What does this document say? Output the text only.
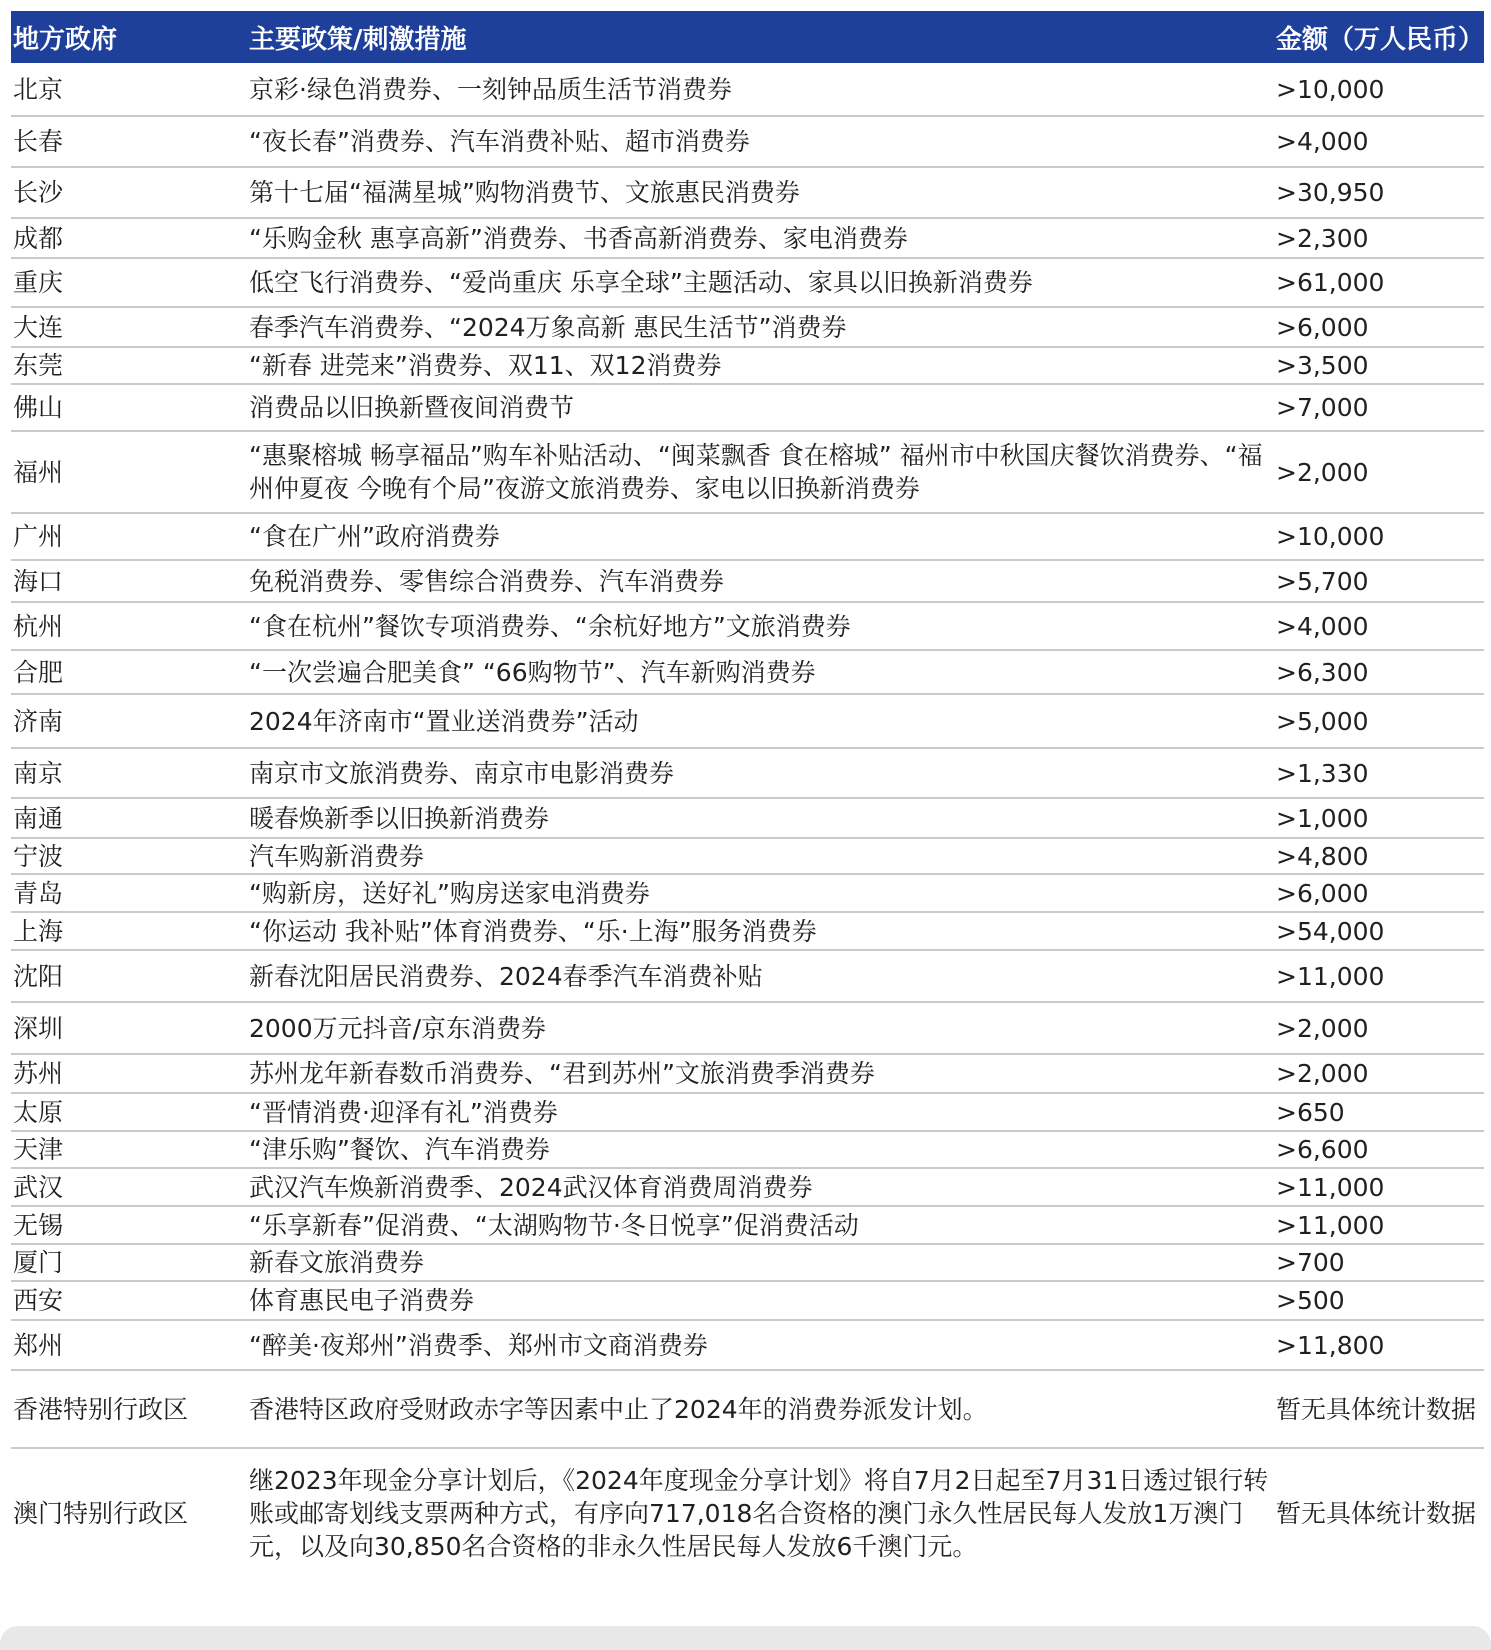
地方政府	主要政策/刺激措施	金额（万人民币）
北京	京彩·绿色消费券、一刻钟品质生活节消费券	>10,000
长春	“夜长春”消费券、汽车消费补贴、超市消费券	>4,000
长沙	第十七届“福满星城”购物消费节、文旅惠民消费券	>30,950
成都	“乐购金秋 惠享高新”消费券、书香高新消费券、家电消费券	>2,300
重庆	低空飞行消费券、“爱尚重庆 乐享全球”主题活动、家具以旧换新消费券	>61,000
大连	春季汽车消费券、“2024万象高新 惠民生活节”消费券	>6,000
东莞	“新春 进莞来”消费券、双11、双12消费券	>3,500
佛山	消费品以旧换新暨夜间消费节	>7,000
福州	“惠聚榕城 畅享福品”购车补贴活动、“闽菜飘香 食在榕城” 福州市中秋国庆餐饮消费券、“福州仲夏夜 今晚有个局”夜游文旅消费券、家电以旧换新消费券	>2,000
广州	“食在广州”政府消费券	>10,000
海口	免税消费券、零售综合消费券、汽车消费券	>5,700
杭州	“食在杭州”餐饮专项消费券、“余杭好地方”文旅消费券	>4,000
合肥	“一次尝遍合肥美食” “66购物节”、汽车新购消费券	>6,300
济南	2024年济南市“置业送消费券”活动	>5,000
南京	南京市文旅消费券、南京市电影消费券	>1,330
南通	暖春焕新季以旧换新消费券	>1,000
宁波	汽车购新消费券	>4,800
青岛	“购新房，送好礼”购房送家电消费券	>6,000
上海	“你运动 我补贴”体育消费券、“乐·上海”服务消费券	>54,000
沈阳	新春沈阳居民消费券、2024春季汽车消费补贴	>11,000
深圳	2000万元抖音/京东消费券	>2,000
苏州	苏州龙年新春数币消费券、“君到苏州”文旅消费季消费券	>2,000
太原	“晋情消费·迎泽有礼”消费券	>650
天津	“津乐购”餐饮、汽车消费券	>6,600
武汉	武汉汽车焕新消费季、2024武汉体育消费周消费券	>11,000
无锡	“乐享新春”促消费、“太湖购物节·冬日悦享”促消费活动	>11,000
厦门	新春文旅消费券	>700
西安	体育惠民电子消费券	>500
郑州	“醉美·夜郑州”消费季、郑州市文商消费券	>11,800
香港特别行政区	香港特区政府受财政赤字等因素中止了2024年的消费券派发计划。	暂无具体统计数据
澳门特别行政区	继2023年现金分享计划后，《2024年度现金分享计划》将自7月2日起至7月31日透过银行转账或邮寄划线支票两种方式，有序向717,018名合资格的澳门永久性居民每人发放1万澳门元，以及向30,850名合资格的非永久性居民每人发放6千澳门元。	暂无具体统计数据
